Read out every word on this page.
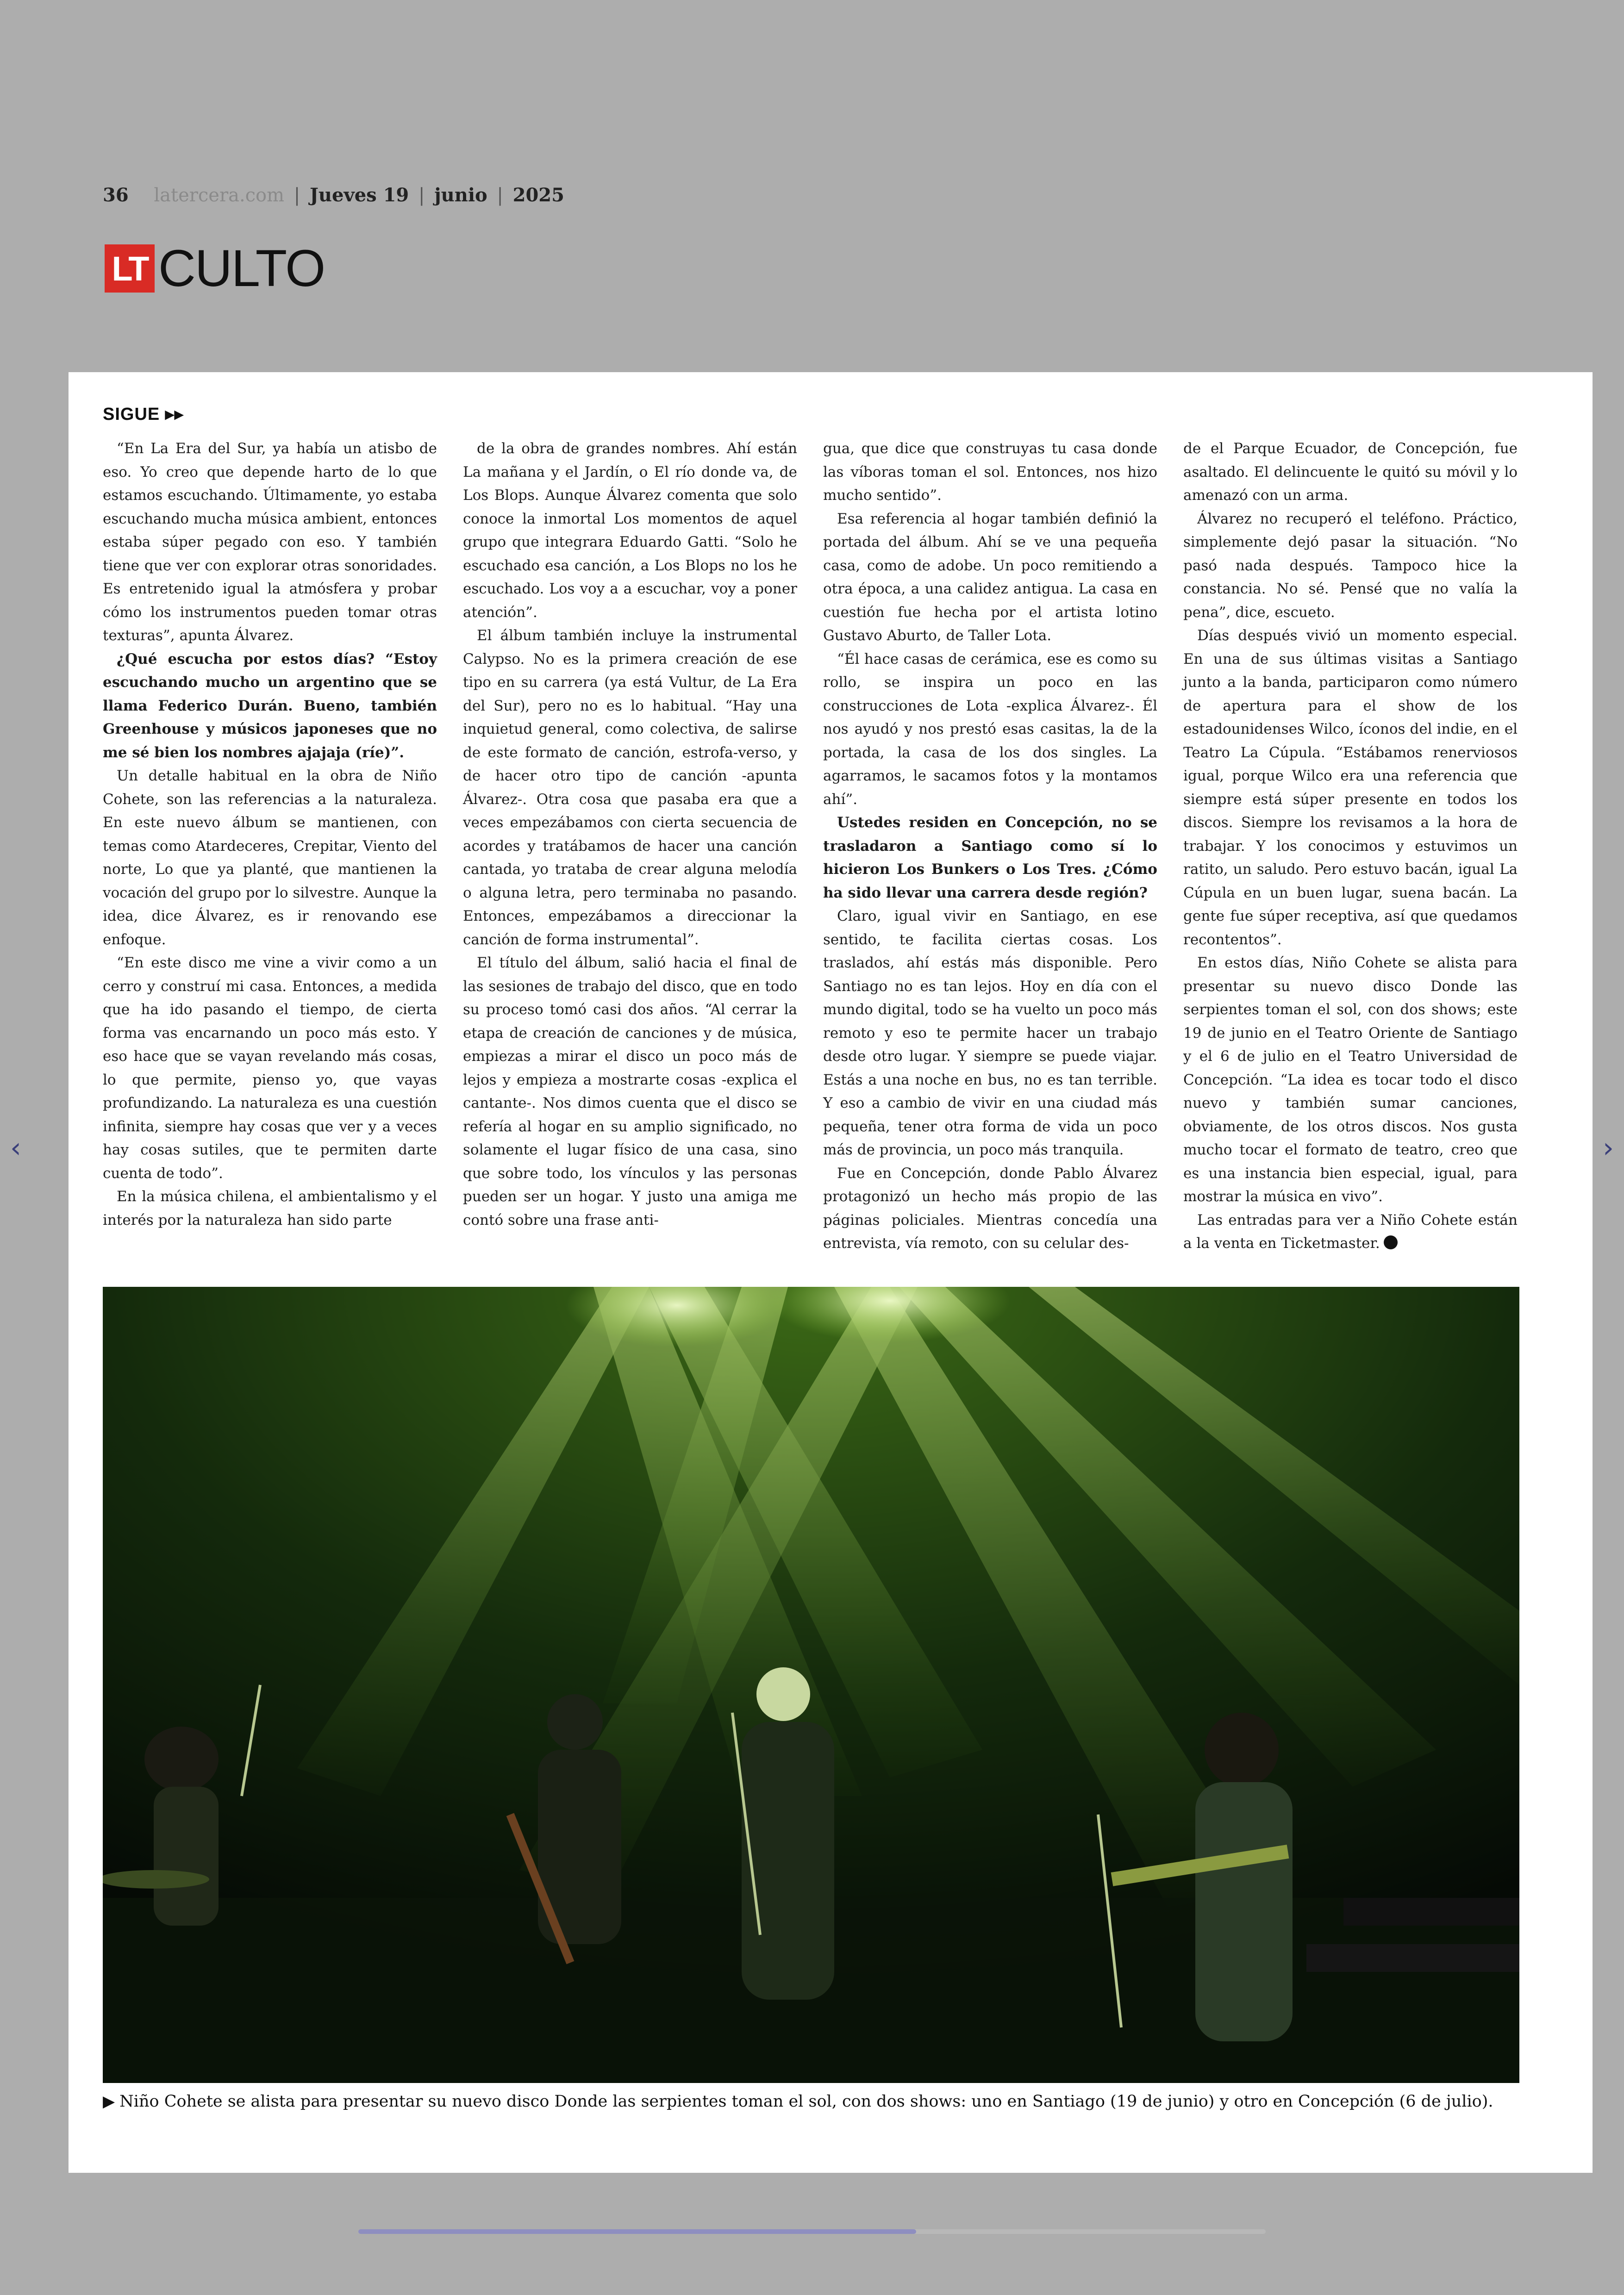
36 latercera.com | Jueves 19 | junio | 2025
LT CULTO
SIGUE ▸▸

“En La Era del Sur, ya había un atisbo de eso. Yo creo que depende harto de lo que estamos escuchando. Últimamente, yo estaba escuchando mucha música ambient, entonces estaba súper pegado con eso. Y también tiene que ver con explorar otras sonoridades. Es entretenido igual la atmósfera y probar cómo los instrumentos pueden tomar otras texturas”, apunta Álvarez.

¿Qué escucha por estos días? “Estoy escuchando mucho un argentino que se llama Federico Durán. Bueno, también Greenhouse y músicos japoneses que no me sé bien los nombres ajajaja (ríe)”.

Un detalle habitual en la obra de Niño Cohete, son las referencias a la naturaleza. En este nuevo álbum se mantienen, con temas como Atardeceres, Crepitar, Viento del norte, Lo que ya planté, que mantienen la vocación del grupo por lo silvestre. Aunque la idea, dice Álvarez, es ir renovando ese enfoque.

“En este disco me vine a vivir como a un cerro y construí mi casa. Entonces, a medida que ha ido pasando el tiempo, de cierta forma vas encarnando un poco más esto. Y eso hace que se vayan revelando más cosas, lo que permite, pienso yo, que vayas profundizando. La naturaleza es una cuestión infinita, siempre hay cosas que ver y a veces hay cosas sutiles, que te permiten darte cuenta de todo”.

En la música chilena, el ambientalismo y el interés por la naturaleza han sido parte

de la obra de grandes nombres. Ahí están La mañana y el Jardín, o El río donde va, de Los Blops. Aunque Álvarez comenta que solo conoce la inmortal Los momentos de aquel grupo que integrara Eduardo Gatti. “Solo he escuchado esa canción, a Los Blops no los he escuchado. Los voy a a escuchar, voy a poner atención”.

El álbum también incluye la instrumental Calypso. No es la primera creación de ese tipo en su carrera (ya está Vultur, de La Era del Sur), pero no es lo habitual. “Hay una inquietud general, como colectiva, de salirse de este formato de canción, estrofa-verso, y de hacer otro tipo de canción -apunta Álvarez-. Otra cosa que pasaba era que a veces empezábamos con cierta secuencia de acordes y tratábamos de hacer una canción cantada, yo trataba de crear alguna melodía o alguna letra, pero terminaba no pasando. Entonces, empezábamos a direccionar la canción de forma instrumental”.

El título del álbum, salió hacia el final de las sesiones de trabajo del disco, que en todo su proceso tomó casi dos años. “Al cerrar la etapa de creación de canciones y de música, empiezas a mirar el disco un poco más de lejos y empieza a mostrarte cosas -explica el cantante-. Nos dimos cuenta que el disco se refería al hogar en su amplio significado, no solamente el lugar físico de una casa, sino que sobre todo, los vínculos y las personas pueden ser un hogar. Y justo una amiga me contó sobre una frase anti-

gua, que dice que construyas tu casa donde las víboras toman el sol. Entonces, nos hizo mucho sentido”.

Esa referencia al hogar también definió la portada del álbum. Ahí se ve una pequeña casa, como de adobe. Un poco remitiendo a otra época, a una calidez antigua. La casa en cuestión fue hecha por el artista lotino Gustavo Aburto, de Taller Lota.

“Él hace casas de cerámica, ese es como su rollo, se inspira un poco en las construcciones de Lota -explica Álvarez-. Él nos ayudó y nos prestó esas casitas, la de la portada, la casa de los dos singles. La agarramos, le sacamos fotos y la montamos ahí”.

Ustedes residen en Concepción, no se trasladaron a Santiago como sí lo hicieron Los Bunkers o Los Tres. ¿Cómo ha sido llevar una carrera desde región?

Claro, igual vivir en Santiago, en ese sentido, te facilita ciertas cosas. Los traslados, ahí estás más disponible. Pero Santiago no es tan lejos. Hoy en día con el mundo digital, todo se ha vuelto un poco más remoto y eso te permite hacer un trabajo desde otro lugar. Y siempre se puede viajar. Estás a una noche en bus, no es tan terrible. Y eso a cambio de vivir en una ciudad más pequeña, tener otra forma de vida un poco más de provincia, un poco más tranquila.

Fue en Concepción, donde Pablo Álvarez protagonizó un hecho más propio de las páginas policiales. Mientras concedía una entrevista, vía remoto, con su celular des-

de el Parque Ecuador, de Concepción, fue asaltado. El delincuente le quitó su móvil y lo amenazó con un arma.

Álvarez no recuperó el teléfono. Práctico, simplemente dejó pasar la situación. “No pasó nada después. Tampoco hice la constancia. No sé. Pensé que no valía la pena”, dice, escueto.

Días después vivió un momento especial. En una de sus últimas visitas a Santiago junto a la banda, participaron como número de apertura para el show de los estadounidenses Wilco, íconos del indie, en el Teatro La Cúpula. “Estábamos renerviosos igual, porque Wilco era una referencia que siempre está súper presente en todos los discos. Siempre los revisamos a la hora de trabajar. Y los conocimos y estuvimos un ratito, un saludo. Pero estuvo bacán, igual La Cúpula en un buen lugar, suena bacán. La gente fue súper receptiva, así que quedamos recontentos”.

En estos días, Niño Cohete se alista para presentar su nuevo disco Donde las serpientes toman el sol, con dos shows; este 19 de junio en el Teatro Oriente de Santiago y el 6 de julio en el Teatro Universidad de Concepción. “La idea es tocar todo el disco nuevo y también sumar canciones, obviamente, de los otros discos. Nos gusta mucho tocar el formato de teatro, creo que es una instancia bien especial, igual, para mostrar la música en vivo”.

Las entradas para ver a Niño Cohete están a la venta en Ticketmaster.

▶ Niño Cohete se alista para presentar su nuevo disco Donde las serpientes toman el sol, con dos shows: uno en Santiago (19 de junio) y otro en Concepción (6 de julio).
‹	›
